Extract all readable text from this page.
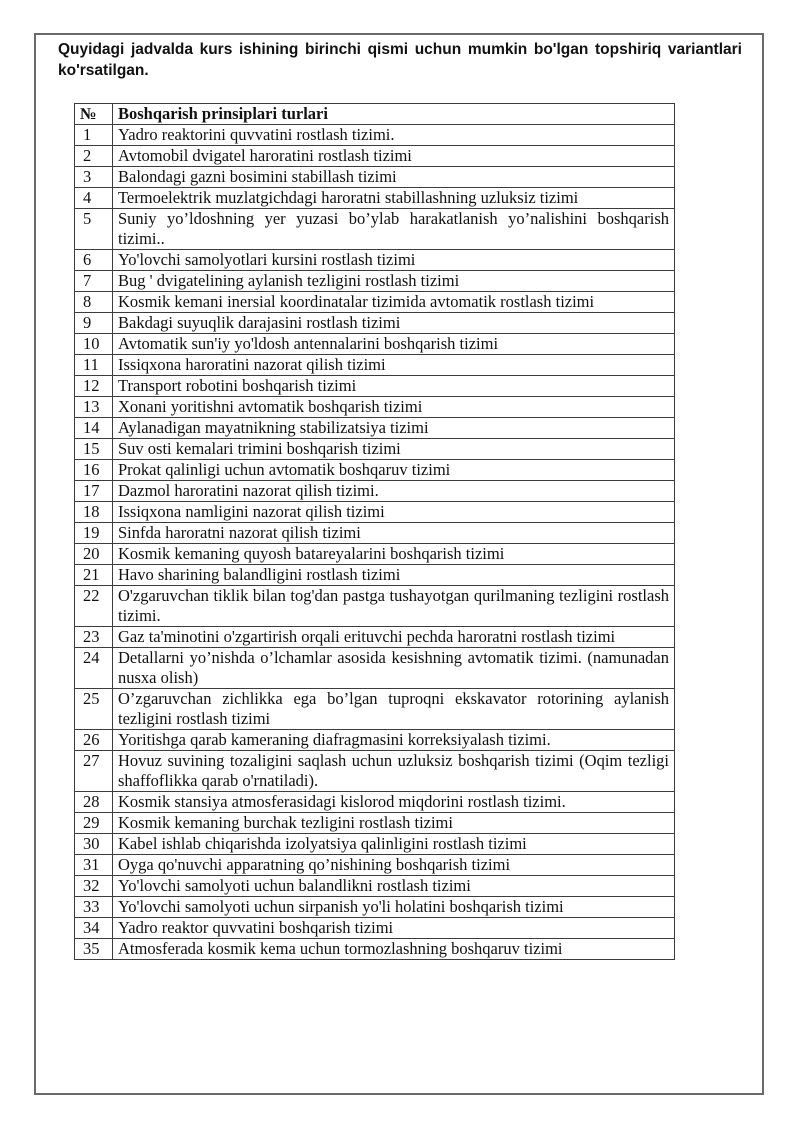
Quyidagi jadvalda kurs ishining birinchi qismi uchun mumkin bo'lgan topshiriq variantlari ko'rsatilgan.

№	Boshqarish prinsiplari turlari
1	Yadro reaktorini quvvatini rostlash tizimi.
2	Avtomobil dvigatel haroratini rostlash tizimi
3	Balondagi gazni bosimini stabillash tizimi
4	Termoelektrik muzlatgichdagi haroratni stabillashning uzluksiz tizimi
5	Suniy yo’ldoshning yer yuzasi bo’ylab harakatlanish yo’nalishini boshqarish tizimi..
6	Yo'lovchi samolyotlari kursini rostlash tizimi
7	Bug ' dvigatelining aylanish tezligini rostlash tizimi
8	Kosmik kemani inersial koordinatalar tizimida avtomatik rostlash tizimi
9	Bakdagi suyuqlik darajasini rostlash tizimi
10	Avtomatik sun'iy yo'ldosh antennalarini boshqarish tizimi
11	Issiqxona haroratini nazorat qilish tizimi
12	Transport robotini boshqarish tizimi
13	Xonani yoritishni avtomatik boshqarish tizimi
14	Aylanadigan mayatnikning stabilizatsiya tizimi
15	Suv osti kemalari trimini boshqarish tizimi
16	Prokat qalinligi uchun avtomatik boshqaruv tizimi
17	Dazmol haroratini nazorat qilish tizimi.
18	Issiqxona namligini nazorat qilish tizimi
19	Sinfda haroratni nazorat qilish tizimi
20	Kosmik kemaning quyosh batareyalarini boshqarish tizimi
21	Havo sharining balandligini rostlash tizimi
22	O'zgaruvchan tiklik bilan tog'dan pastga tushayotgan qurilmaning tezligini rostlash tizimi.
23	Gaz ta'minotini o'zgartirish orqali erituvchi pechda haroratni rostlash tizimi
24	Detallarni yo’nishda o’lchamlar asosida kesishning avtomatik tizimi. (namunadan nusxa olish)
25	O’zgaruvchan zichlikka ega bo’lgan tuproqni ekskavator rotorining aylanish tezligini rostlash tizimi
26	Yoritishga qarab kameraning diafragmasini korreksiyalash tizimi.
27	Hovuz suvining tozaligini saqlash uchun uzluksiz boshqarish tizimi (Oqim tezligi shaffoflikka qarab o'rnatiladi).
28	Kosmik stansiya atmosferasidagi kislorod miqdorini rostlash tizimi.
29	Kosmik kemaning burchak tezligini rostlash tizimi
30	Kabel ishlab chiqarishda izolyatsiya qalinligini rostlash tizimi
31	Oyga qo'nuvchi apparatning qo’nishining boshqarish tizimi
32	Yo'lovchi samolyoti uchun balandlikni rostlash tizimi
33	Yo'lovchi samolyoti uchun sirpanish yo'li holatini boshqarish tizimi
34	Yadro reaktor quvvatini boshqarish tizimi
35	Atmosferada kosmik kema uchun tormozlashning boshqaruv tizimi
